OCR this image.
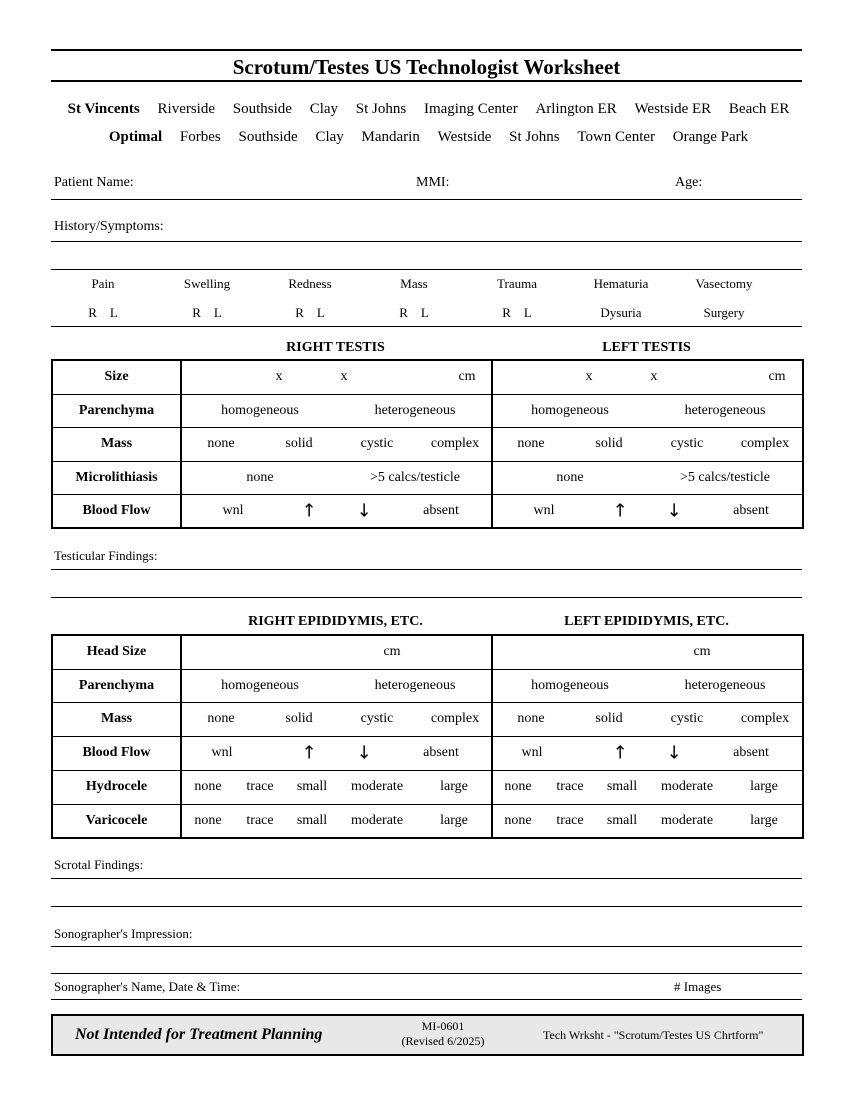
Scrotum/Testes US Technologist Worksheet
St Vincents Riverside Southside Clay St Johns Imaging Center Arlington ER Westside ER Beach ER
Optimal Forbes Southside Clay Mandarin Westside St Johns Town Center Orange Park
Patient Name:	MMI:	Age:
History/Symptoms:
Pain	Swelling	Redness	Mass	Trauma	Hematuria	Vasectomy
R    L	R    L	R    L	R    L	R    L	Dysuria	Surgery
RIGHT TESTIS	LEFT TESTIS
Size	x x cm	x x cm

Parenchyma	homogeneous heterogeneous	homogeneous heterogeneous

Mass	none solid cystic complex	none solid cystic complex

Microlithiasis	none >5 calcs/testicle	none >5 calcs/testicle

Blood Flow	wnl ↑ ↓ absent	wnl ↑ ↓ absent
Testicular Findings:
RIGHT EPIDIDYMIS, ETC.	LEFT EPIDIDYMIS, ETC.
Head Size	cm	cm

Parenchyma	homogeneous heterogeneous	homogeneous heterogeneous

Mass	none solid cystic complex	none solid cystic complex

Blood Flow	wnl ↑ ↓ absent	wnl ↑ ↓ absent

Hydrocele	none trace small moderate large	none trace small moderate large

Varicocele	none trace small moderate large	none trace small moderate large
Scrotal Findings:
Sonographer's Impression:
Sonographer's Name, Date & Time:	# Images
Not Intended for Treatment Planning	MI-0601
(Revised 6/2025)	Tech Wrksht - "Scrotum/Testes US Chrtform"
